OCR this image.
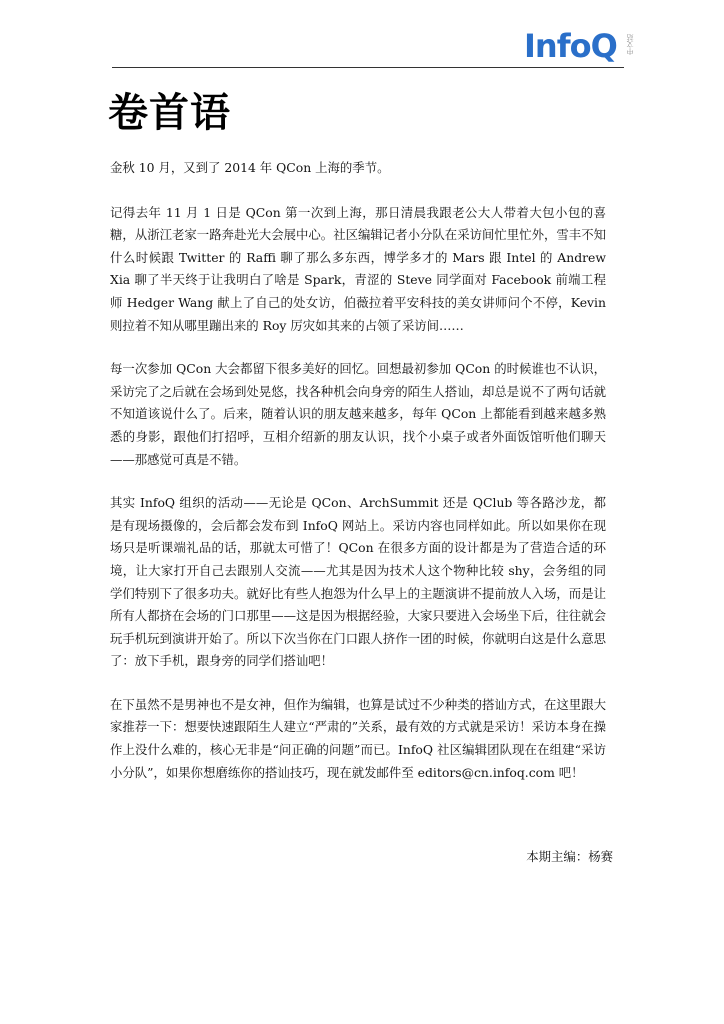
InfoQ 中文站
卷首语

金秋 10 月，又到了 2014 年 QCon 上海的季节。

记得去年 11 月 1 日是 QCon 第一次到上海，那日清晨我跟老公大人带着大包小包的喜糖，从浙江老家一路奔赴光大会展中心。社区编辑记者小分队在采访间忙里忙外，雪丰不知什么时候跟 Twitter 的 Raffi 聊了那么多东西，博学多才的 Mars 跟 Intel 的 Andrew Xia 聊了半天终于让我明白了啥是 Spark，青涩的 Steve 同学面对 Facebook 前端工程师 Hedger Wang 献上了自己的处女访，伯薇拉着平安科技的美女讲师问个不停，Kevin 则拉着不知从哪里蹦出来的 Roy 厉灾如其来的占领了采访间……

每一次参加 QCon 大会都留下很多美好的回忆。回想最初参加 QCon 的时候谁也不认识，采访完了之后就在会场到处晃悠，找各种机会向身旁的陌生人搭讪，却总是说不了两句话就不知道该说什么了。后来，随着认识的朋友越来越多，每年 QCon 上都能看到越来越多熟悉的身影，跟他们打招呼，互相介绍新的朋友认识，找个小桌子或者外面饭馆听他们聊天——那感觉可真是不错。

其实 InfoQ 组织的活动——无论是 QCon、ArchSummit 还是 QClub 等各路沙龙，都是有现场摄像的，会后都会发布到 InfoQ 网站上。采访内容也同样如此。所以如果你在现场只是听课端礼品的话，那就太可惜了！QCon 在很多方面的设计都是为了营造合适的环境，让大家打开自己去跟别人交流——尤其是因为技术人这个物种比较 shy，会务组的同学们特别下了很多功夫。就好比有些人抱怨为什么早上的主题演讲不提前放人入场，而是让所有人都挤在会场的门口那里——这是因为根据经验，大家只要进入会场坐下后，往往就会玩手机玩到演讲开始了。所以下次当你在门口跟人挤作一团的时候，你就明白这是什么意思了：放下手机，跟身旁的同学们搭讪吧！

在下虽然不是男神也不是女神，但作为编辑，也算是试过不少种类的搭讪方式，在这里跟大家推荐一下：想要快速跟陌生人建立“严肃的”关系，最有效的方式就是采访！采访本身在操作上没什么难的，核心无非是“问正确的问题”而已。InfoQ 社区编辑团队现在在组建“采访小分队”，如果你想磨练你的搭讪技巧，现在就发邮件至 editors@cn.infoq.com 吧！

本期主编：杨赛
